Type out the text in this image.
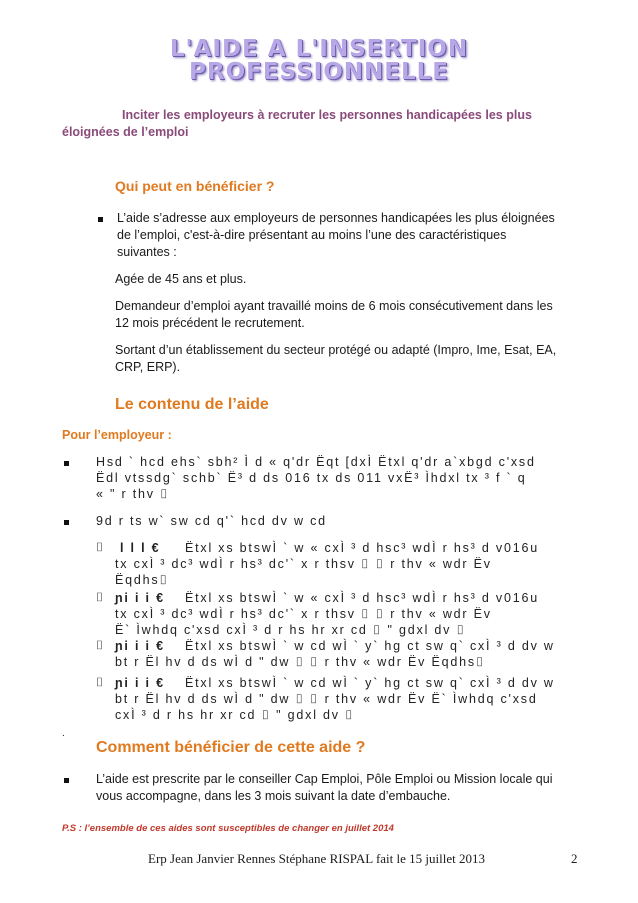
L'AIDE A L'INSERTION
PROFESSIONNELLE
Inciter les employeurs à recruter les personnes handicapées les plus
éloignées de l’emploi
Qui peut en bénéficier ?
L’aide s’adresse aux employeurs de personnes handicapées les plus éloignées
de l’emploi, c'est-à-dire présentant au moins l’une des caractéristiques
suivantes :
Agée de 45 ans et plus.
Demandeur d’emploi ayant travaillé moins de 6 mois consécutivement dans les
12 mois précédent le recrutement.
Sortant d’un établissement du secteur protégé ou adapté (Impro, Ime, Esat, EA,
CRP, ERP).
Le contenu de l’aide
Pour l’employeur :
Hsd ` hcd ehs` sbh² Ì d « q'dr Ëqt [dxÌ Ëtxl q'dr a`xbgd c'xsd
Ëdl vtssdg` schb` Ë³ d ds 016 tx ds 011 vxË³ Ìhdxl tx ³ f ` q
« " r thv ⌷
9d r ts w` sw cd q'` hcd dv w cd
⌷ l l l € Ëtxl xs btswÌ ` w « cxÌ ³ d hsc³ wdÌ r hs³ d v016u
tx cxÌ ³ dc³ wdÌ r hs³ dc'` x r thsv ⌷ ⌷ r thv « wdr Ëv
Ëqdhs⌷
⌷ ɲi i i € Ëtxl xs btswÌ ` w « cxÌ ³ d hsc³ wdÌ r hs³ d v016u
tx cxÌ ³ dc³ wdÌ r hs³ dc'` x r thsv ⌷ ⌷ r thv « wdr Ëv
Ë` Ìwhdq c'xsd cxÌ ³ d r hs hr xr cd ⌷ " gdxl dv ⌷
⌷ ɲi i i € Ëtxl xs btswÌ ` w cd wÌ ` y` hg ct sw q` cxÌ ³ d dv w
bt r Ël hv d ds wÌ d " dw ⌷ ⌷ r thv « wdr Ëv Ëqdhs⌷
⌷ ɲi i i € Ëtxl xs btswÌ ` w cd wÌ ` y` hg ct sw q` cxÌ ³ d dv w
bt r Ël hv d ds wÌ d " dw ⌷ ⌷ r thv « wdr Ëv Ë` Ìwhdq c'xsd
cxÌ ³ d r hs hr xr cd ⌷ " gdxl dv ⌷
.
Comment bénéficier de cette aide ?
L’aide est prescrite par le conseiller Cap Emploi, Pôle Emploi ou Mission locale qui
vous accompagne, dans les 3 mois suivant la date d’embauche.
P.S : l’ensemble de ces aides sont susceptibles de changer en juillet 2014
Erp Jean Janvier Rennes Stéphane RISPAL fait le 15 juillet 2013	2
